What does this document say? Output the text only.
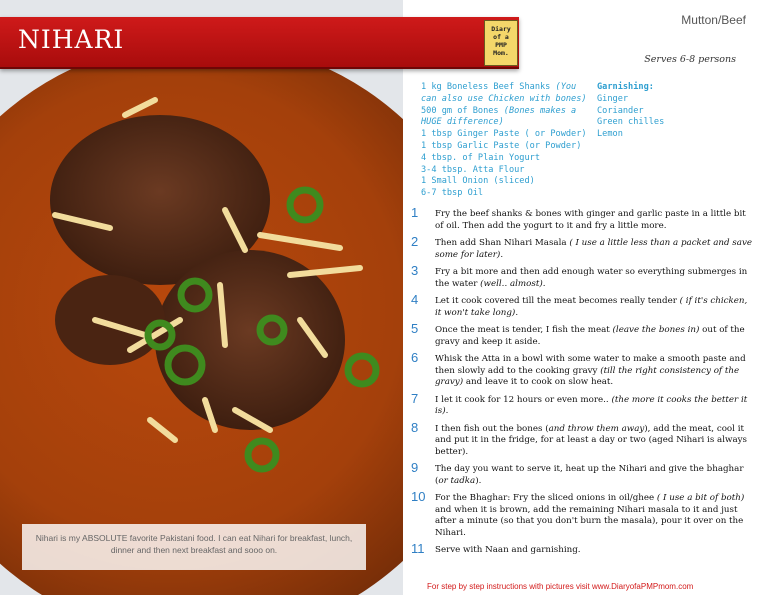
NIHARI	Diary
of a
PMP
Mom.
Mutton/Beef
Serves 6-8 persons
1 kg Boneless Beef Shanks (You can also use Chicken with bones)
500 gm of Bones (Bones makes a HUGE difference)
1 tbsp Ginger Paste ( or Powder)
1 tbsp Garlic Paste (or Powder)
4 tbsp. of Plain Yogurt
3-4 tbsp. Atta Flour
1 Small Onion (sliced)
6-7 tbsp Oil
Garnishing:
Ginger
Coriander
Green chilles
Lemon
1	Fry the beef shanks & bones with ginger and garlic paste in a little bit of oil. Then add the yogurt to it and fry a little more.
2	Then add Shan Nihari Masala ( I use a little less than a packet and save some for later).
3	Fry a bit more and then add enough water so everything submerges in the water (well.. almost).
4	Let it cook covered till the meat becomes really tender ( if it's chicken, it won't take long).
5	Once the meat is tender, I fish the meat (leave the bones in) out of the gravy and keep it aside.
6	Whisk the Atta in a bowl with some water to make a smooth paste and then slowly add to the cooking gravy (till the right consistency of the gravy) and leave it to cook on slow heat.
7	I let it cook for 12 hours or even more.. (the more it cooks the better it is).
8	I then fish out the bones (and throw them away), add the meat, cool it and put it in the fridge, for at least a day or two (aged Nihari is always better).
9	The day you want to serve it, heat up the Nihari and give the bhaghar (or tadka).
10	For the Bhaghar: Fry the sliced onions in oil/ghee ( I use a bit of both) and when it is brown, add the remaining Nihari masala to it and just after a minute (so that you don't burn the masala), pour it over on the Nihari.
11	Serve with Naan and garnishing.
For step by step instructions with pictures visit www.DiaryofaPMPmom.com
Nihari is my ABSOLUTE favorite Pakistani food. I can eat Nihari for breakfast, lunch, dinner and then next breakfast and sooo on.
